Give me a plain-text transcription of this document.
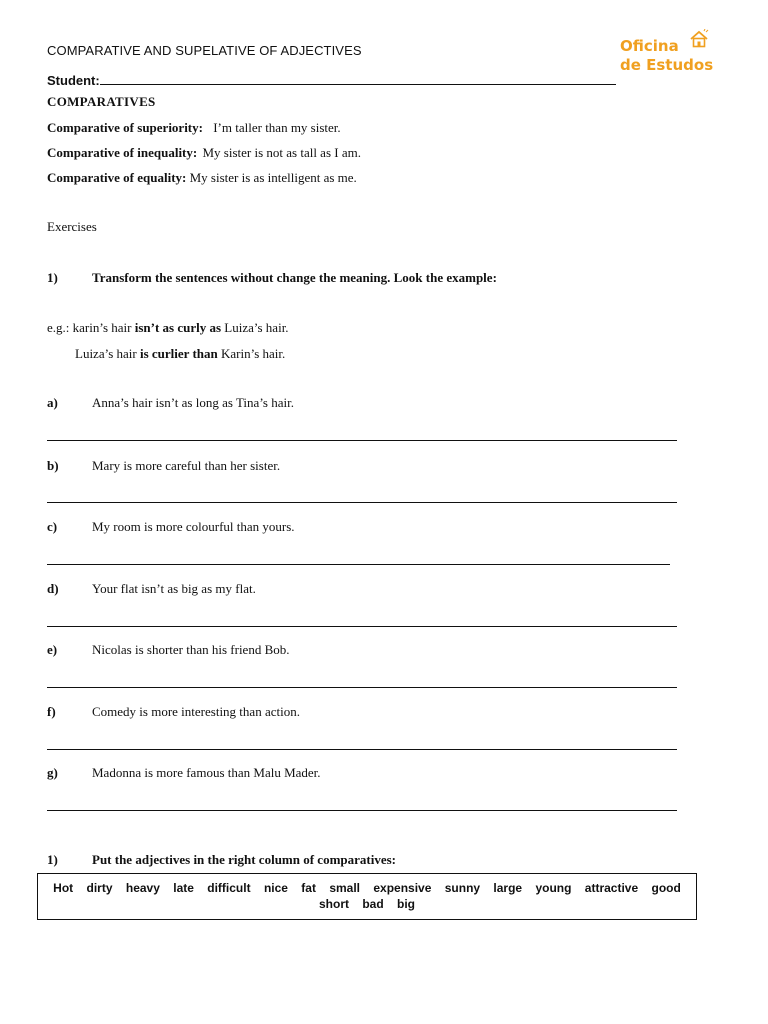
COMPARATIVE AND SUPELATIVE OF ADJECTIVES
Student:
Oficina
de Estudos
COMPARATIVES
Comparative of superiority: I’m taller than my sister.
Comparative of inequality: My sister is not as tall as I am.
Comparative of equality: My sister is as intelligent as me.
Exercises
1)	Transform the sentences without change the meaning. Look the example:
e.g.: karin’s hair isn’t as curly as Luiza’s hair.
Luiza’s hair is curlier than Karin’s hair.
a)	Anna’s hair isn’t as long as Tina’s hair.
b)	Mary is more careful than her sister.
c)	My room is more colourful than yours.
d)	Your flat isn’t as big as my flat.
e)	Nicolas is shorter than his friend Bob.
f)	Comedy is more interesting than action.
g)	Madonna is more famous than Malu Mader.
1)	Put the adjectives in the right column of comparatives:
Hot dirty heavy late difficult nice fat small expensive sunny large young attractive good
short bad big
